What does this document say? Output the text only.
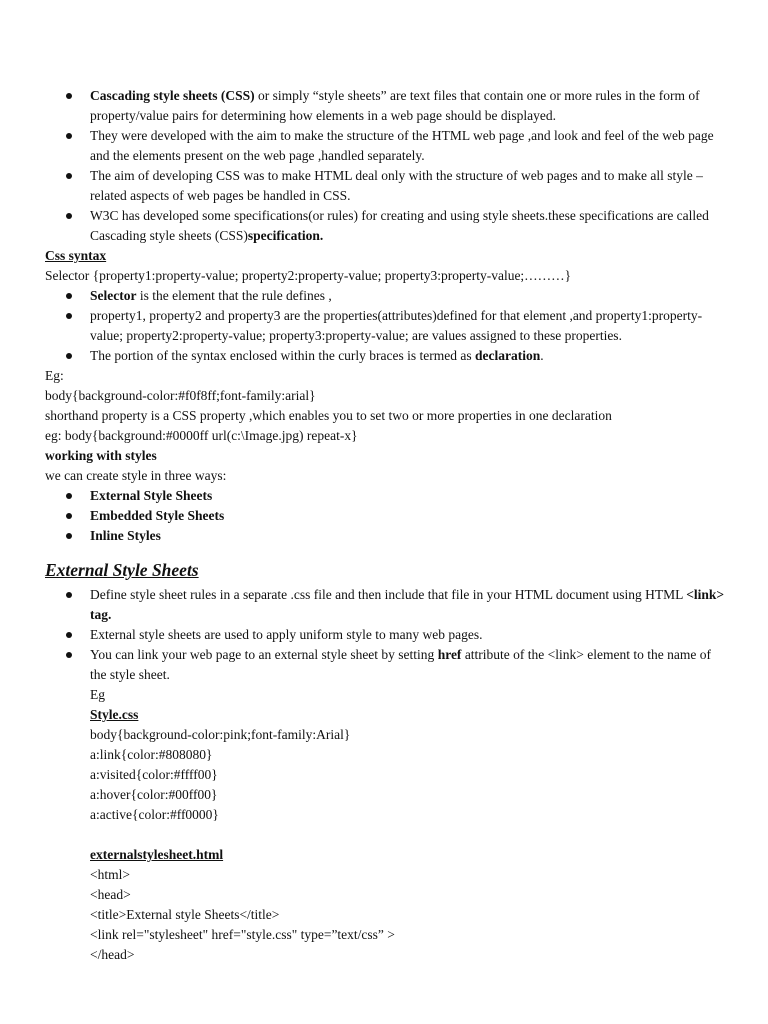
Cascading style sheets (CSS) or simply “style sheets” are text files that contain one or more rules in the form of property/value pairs for determining how elements in a web page should be displayed.
They were developed with the aim to make the structure of the HTML web page ,and look and feel of the web page and the elements present on the web page ,handled separately.
The aim of developing CSS was to make HTML deal only with the structure of web pages and to make all style – related aspects of web pages be handled in CSS.
W3C has developed some specifications(or rules) for creating and using style sheets.these specifications are called Cascading style sheets (CSS)specification.
Css syntax
Selector {property1:property-value; property2:property-value; property3:property-value;………}
Selector is the element that the rule defines ,
property1, property2 and property3 are the properties(attributes)defined for that element ,and property1:property-value; property2:property-value; property3:property-value; are values assigned to these properties.
The portion of the syntax enclosed within the curly braces is termed as declaration.
Eg:
body{background-color:#f0f8ff;font-family:arial}
shorthand property is a CSS property ,which enables you to set two or more properties in one declaration
eg: body{background:#0000ff url(c:\Image.jpg) repeat-x}
working with styles
we can create style in three ways:
External Style Sheets
Embedded Style Sheets
Inline Styles
External Style Sheets
Define style sheet rules in a separate .css file and then include that file in your HTML document using HTML <link> tag.
External style sheets are used to apply uniform style to many web pages.
You can link your web page to an external style sheet by setting href attribute of the <link> element to the name of the style sheet.
Eg
Style.css
body{background-color:pink;font-family:Arial}
a:link{color:#808080}
a:visited{color:#ffff00}
a:hover{color:#00ff00}
a:active{color:#ff0000}
externalstylesheet.html
<html>
<head>
<title>External style Sheets</title>
<link rel="stylesheet" href="style.css" type=”text/css” >
</head>
